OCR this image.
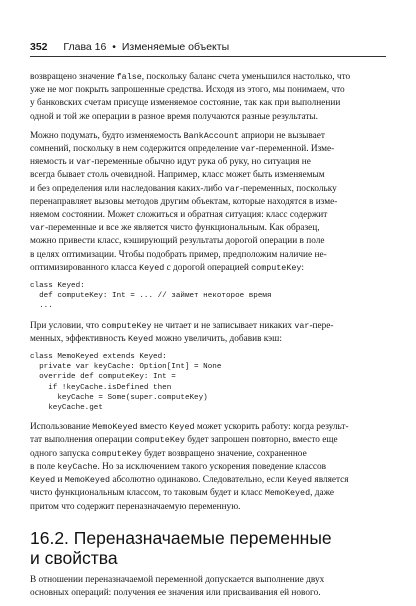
352 Глава 16 • Изменяемые объекты
возвращено значение false, поскольку баланс счета уменьшился настолько, что
уже не мог покрыть запрошенные средства. Исходя из этого, мы понимаем, что
у банковских счетам присуще изменяемое состояние, так как при выполнении
одной и той же операции в разное время получаются разные результаты.
Можно подумать, будто изменяемость BankAccount априори не вызывает
сомнений, поскольку в нем содержится определение var-переменной. Изме-
няемость и var-переменные обычно идут рука об руку, но ситуация не
всегда бывает столь очевидной. Например, класс может быть изменяемым
и без определения или наследования каких-либо var-переменных, поскольку
перенаправляет вызовы методов другим объектам, которые находятся в изме-
няемом состоянии. Может сложиться и обратная ситуация: класс содержит
var-переменные и все же является чисто функциональным. Как образец,
можно привести класс, кэширующий результаты дорогой операции в поле
в целях оптимизации. Чтобы подобрать пример, предположим наличие не-
оптимизированного класса Keyed с дорогой операцией computeKey:
class Keyed:
def computeKey: Int = ... // займет некоторое время
...
При условии, что computeKey не читает и не записывает никаких var-пере-
менных, эффективность Keyed можно увеличить, добавив кэш:
class MemoKeyed extends Keyed:
private var keyCache: Option[Int] = None
override def computeKey: Int =
if !keyCache.isDefined then
keyCache = Some(super.computeKey)
keyCache.get
Использование MemoKeyed вместо Keyed может ускорить работу: когда результ-
тат выполнения операции computeKey будет запрошен повторно, вместо еще
одного запуска computeKey будет возвращено значение, сохраненное
в поле keyCache. Но за исключением такого ускорения поведение классов
Keyed и MemoKeyed абсолютно одинаково. Следовательно, если Keyed является
чисто функциональным классом, то таковым будет и класс MemoKeyed, даже
притом что содержит переназначаемую переменную.
16.2. Переназначаемые переменные
и свойства
В отношении переназначаемой переменной допускается выполнение двух
основных операций: получения ее значения или присваивания ей нового.
